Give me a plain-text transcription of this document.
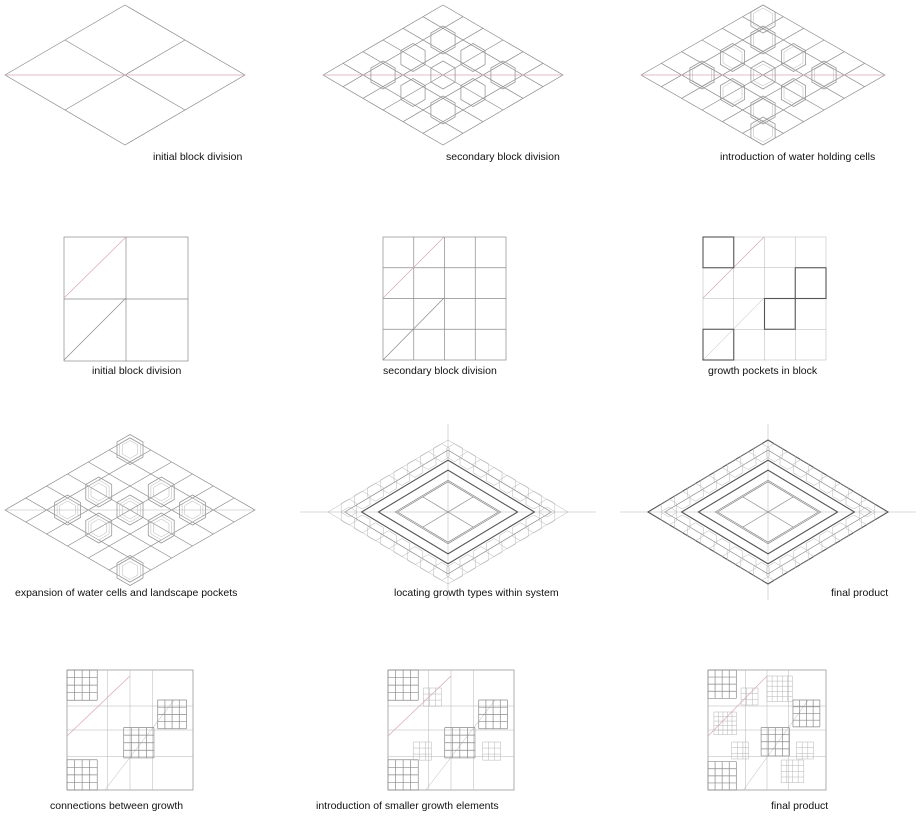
initial block division	secondary block division	introduction of water holding cells
initial block division	secondary block division	growth pockets in block
expansion of water cells and landscape pockets	locating growth types within system	final product
connections between growth	introduction of smaller growth elements	final product
